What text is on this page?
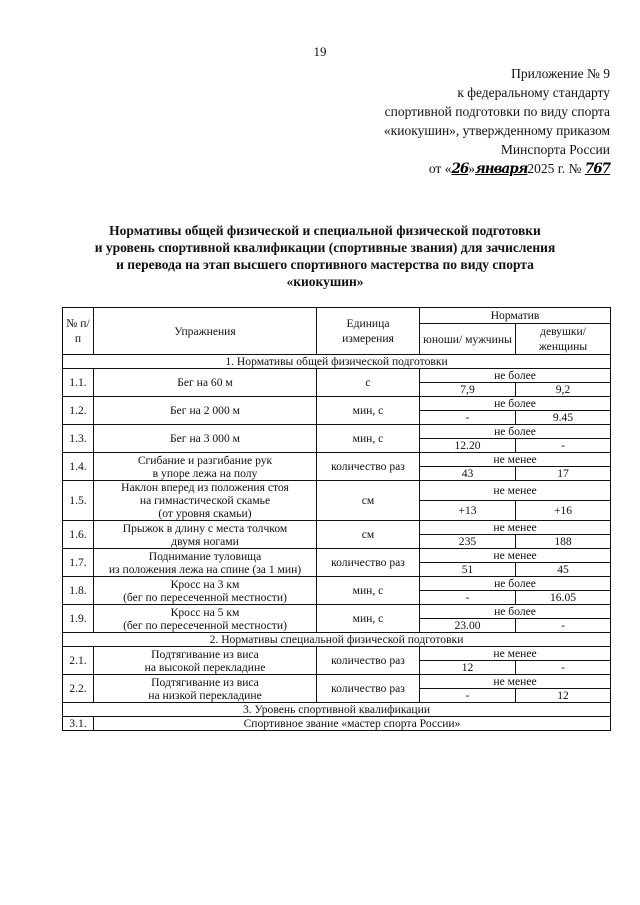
19
Приложение № 9
к федеральному стандарту
спортивной подготовки по виду спорта
«киокушин», утвержденному приказом
Минспорта России
от «26»января2025 г. № 767
Нормативы общей физической и специальной физической подготовки
и уровень спортивной квалификации (спортивные звания) для зачисления
и перевода на этап высшего спортивного мастерства по виду спорта
«киокушин»
№ п/п	Упражнения	Единица измерения	Норматив	
			юноши/ мужчины	девушки/ женщины
1. Нормативы общей физической подготовки				
1.1.	Бег на 60 м	с	не более	
			7,9	9,2
1.2.	Бег на 2 000 м	мин, с	не более	
			-	9.45
1.3.	Бег на 3 000 м	мин, с	не более	
			12.20	-
1.4.	Сгибание и разгибание рук
в упоре лежа на полу	количество раз	не менее	
			43	17
1.5.	Наклон вперед из положения стоя
на гимнастической скамье
(от уровня скамьи)	см	не менее	
			+13	+16
1.6.	Прыжок в длину с места толчком
двумя ногами	см	не менее	
			235	188
1.7.	Поднимание туловища
из положения лежа на спине (за 1 мин)	количество раз	не менее	
			51	45
1.8.	Кросс на 3 км
(бег по пересеченной местности)	мин, с	не более	
			-	16.05
1.9.	Кросс на 5 км
(бег по пересеченной местности)	мин, с	не более	
			23.00	-
2. Нормативы специальной физической подготовки				
2.1.	Подтягивание из виса
на высокой перекладине	количество раз	не менее	
			12	-
2.2.	Подтягивание из виса
на низкой перекладине	количество раз	не менее	
			-	12
3. Уровень спортивной квалификации				
3.1.	Спортивное звание «мастер спорта России»			
